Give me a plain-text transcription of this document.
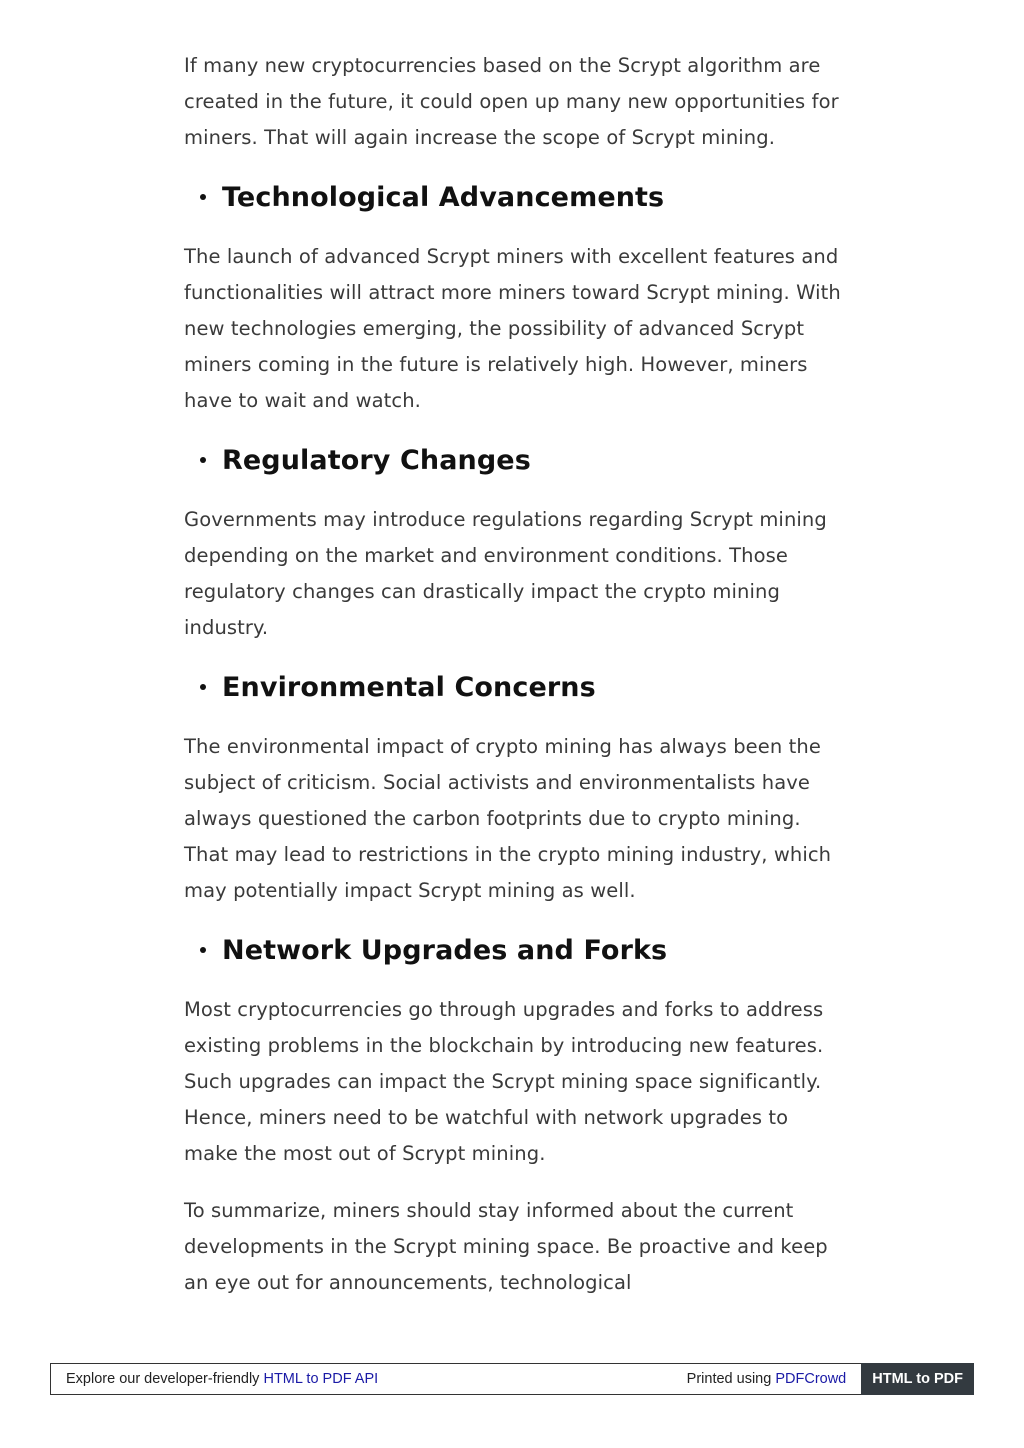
If many new cryptocurrencies based on the Scrypt algorithm are created in the future, it could open up many new opportunities for miners. That will again increase the scope of Scrypt mining.

Technological Advancements

The launch of advanced Scrypt miners with excellent features and functionalities will attract more miners toward Scrypt mining. With new technologies emerging, the possibility of advanced Scrypt miners coming in the future is relatively high. However, miners have to wait and watch.

Regulatory Changes

Governments may introduce regulations regarding Scrypt mining depending on the market and environment conditions. Those regulatory changes can drastically impact the crypto mining industry.

Environmental Concerns

The environmental impact of crypto mining has always been the subject of criticism. Social activists and environmentalists have always questioned the carbon footprints due to crypto mining. That may lead to restrictions in the crypto mining industry, which may potentially impact Scrypt mining as well.

Network Upgrades and Forks

Most cryptocurrencies go through upgrades and forks to address existing problems in the blockchain by introducing new features. Such upgrades can impact the Scrypt mining space significantly. Hence, miners need to be watchful with network upgrades to make the most out of Scrypt mining.

To summarize, miners should stay informed about the current developments in the Scrypt mining space. Be proactive and keep an eye out for announcements, technological

Explore our developer-friendly HTML to PDF API	Printed using PDFCrowd	HTML to PDF
